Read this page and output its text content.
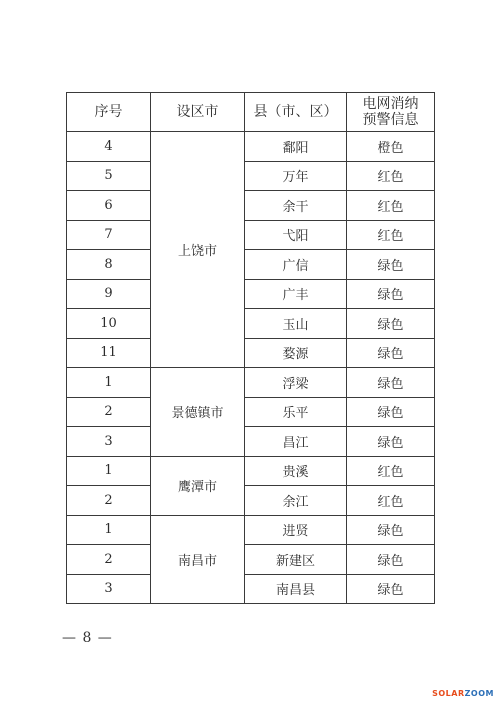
序号	设区市	县（市、区）	电网消纳
预警信息
4	上饶市	鄱阳	橙色
5		万年	红色
6		余干	红色
7		弋阳	红色
8		广信	绿色
9		广丰	绿色
10		玉山	绿色
11		婺源	绿色
1	景德镇市	浮梁	绿色
2		乐平	绿色
3		昌江	绿色
1	鹰潭市	贵溪	红色
2		余江	红色
1	南昌市	进贤	绿色
2		新建区	绿色
3		南昌县	绿色
— 8 —
SOLARZOOM
